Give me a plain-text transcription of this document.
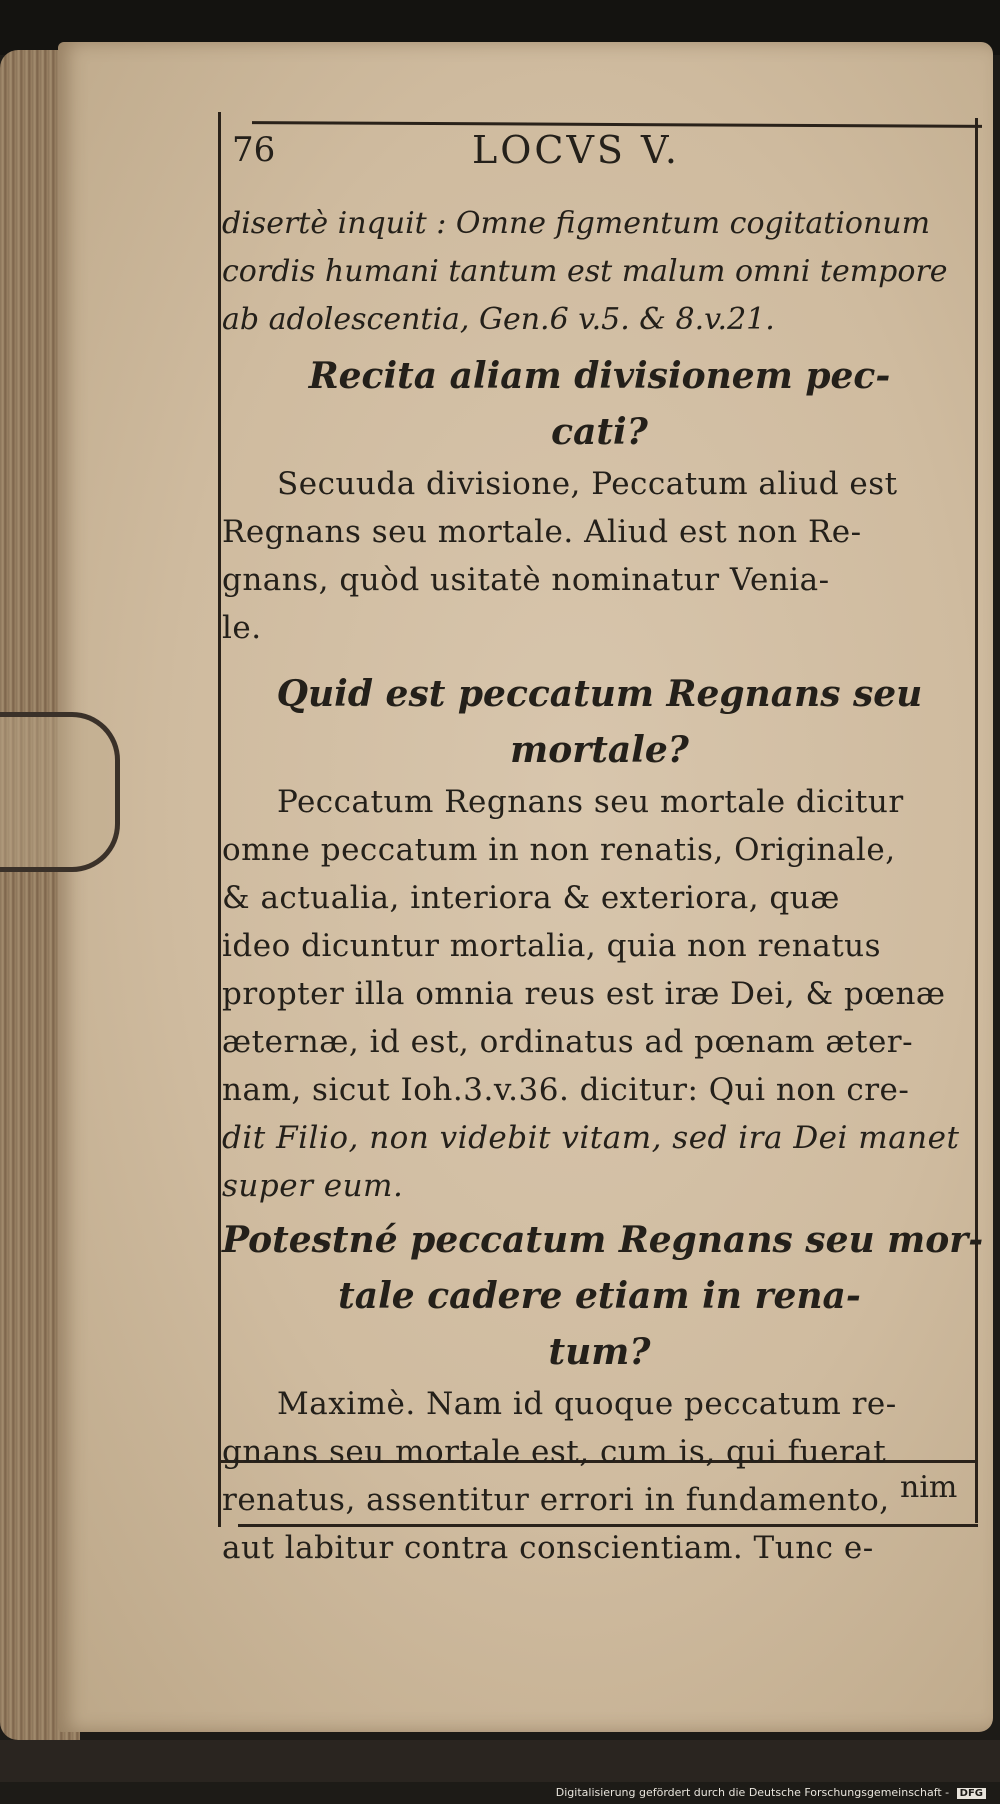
76	LOCVS V.
disertè inquit : Omne figmentum cogitationum
cordis humani tantum est malum omni tempore
ab adolescentia, Gen.6 v.5. & 8.v.21.
Recita aliam divisionem pec-
cati?
Secuuda divisione, Peccatum aliud est
Regnans seu mortale. Aliud est non Re-
gnans, quòd usitatè nominatur Venia-
le.
Quid est peccatum Regnans seu
mortale?
Peccatum Regnans seu mortale dicitur
omne peccatum in non renatis, Originale,
& actualia, interiora & exteriora, quæ
ideo dicuntur mortalia, quia non renatus
propter illa omnia reus est iræ Dei, & pœnæ
æternæ, id est, ordinatus ad pœnam æter-
nam, sicut Ioh.3.v.36. dicitur: Qui non cre-
dit Filio, non videbit vitam, sed ira Dei manet
super eum.
Potestné peccatum Regnans seu mor-
tale cadere etiam in rena-
tum?
Maximè. Nam id quoque peccatum re-
gnans seu mortale est, cum is, qui fuerat
renatus, assentitur errori in fundamento,
aut labitur contra conscientiam. Tunc e-
nim
Digitalisierung gefördert durch die Deutsche Forschungsgemeinschaft - DFG
